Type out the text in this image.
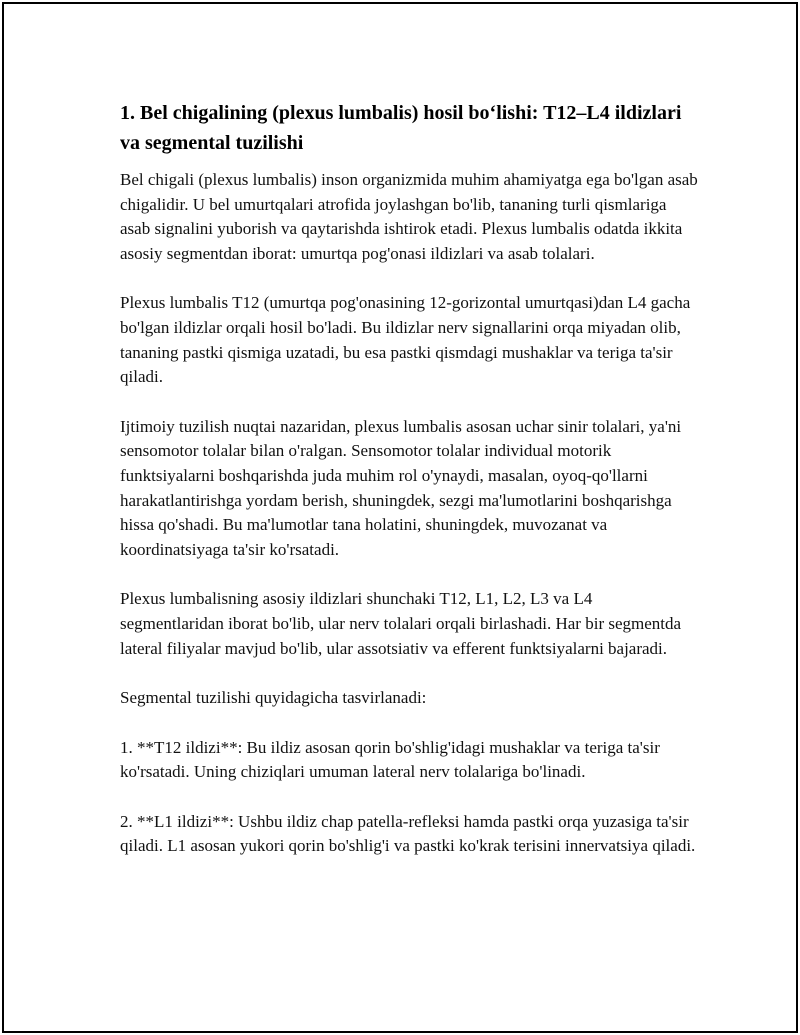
1. Bel chigalining (plexus lumbalis) hosil bo‘lishi: T12–L4 ildizlari va segmental tuzilishi

Bel chigali (plexus lumbalis) inson organizmida muhim ahamiyatga ega bo'lgan asab chigalidir. U bel umurtqalari atrofida joylashgan bo'lib, tananing turli qismlariga asab signalini yuborish va qaytarishda ishtirok etadi. Plexus lumbalis odatda ikkita asosiy segmentdan iborat: umurtqa pog'onasi ildizlari va asab tolalari.

Plexus lumbalis T12 (umurtqa pog'onasining 12-gorizontal umurtqasi)dan L4 gacha bo'lgan ildizlar orqali hosil bo'ladi. Bu ildizlar nerv signallarini orqa miyadan olib, tananing pastki qismiga uzatadi, bu esa pastki qismdagi mushaklar va teriga ta'sir qiladi.

Ijtimoiy tuzilish nuqtai nazaridan, plexus lumbalis asosan uchar sinir tolalari, ya'ni sensomotor tolalar bilan o'ralgan. Sensomotor tolalar individual motorik funktsiyalarni boshqarishda juda muhim rol o'ynaydi, masalan, oyoq-qo'llarni harakatlantirishga yordam berish, shuningdek, sezgi ma'lumotlarini boshqarishga hissa qo'shadi. Bu ma'lumotlar tana holatini, shuningdek, muvozanat va koordinatsiyaga ta'sir ko'rsatadi.

Plexus lumbalisning asosiy ildizlari shunchaki T12, L1, L2, L3 va L4 segmentlaridan iborat bo'lib, ular nerv tolalari orqali birlashadi. Har bir segmentda lateral filiyalar mavjud bo'lib, ular assotsiativ va efferent funktsiyalarni bajaradi.

Segmental tuzilishi quyidagicha tasvirlanadi:

1. **T12 ildizi**: Bu ildiz asosan qorin bo'shlig'idagi mushaklar va teriga ta'sir ko'rsatadi. Uning chiziqlari umuman lateral nerv tolalariga bo'linadi.

2. **L1 ildizi**: Ushbu ildiz chap patella-refleksi hamda pastki orqa yuzasiga ta'sir qiladi. L1 asosan yukori qorin bo'shlig'i va pastki ko'krak terisini innervatsiya qiladi.
